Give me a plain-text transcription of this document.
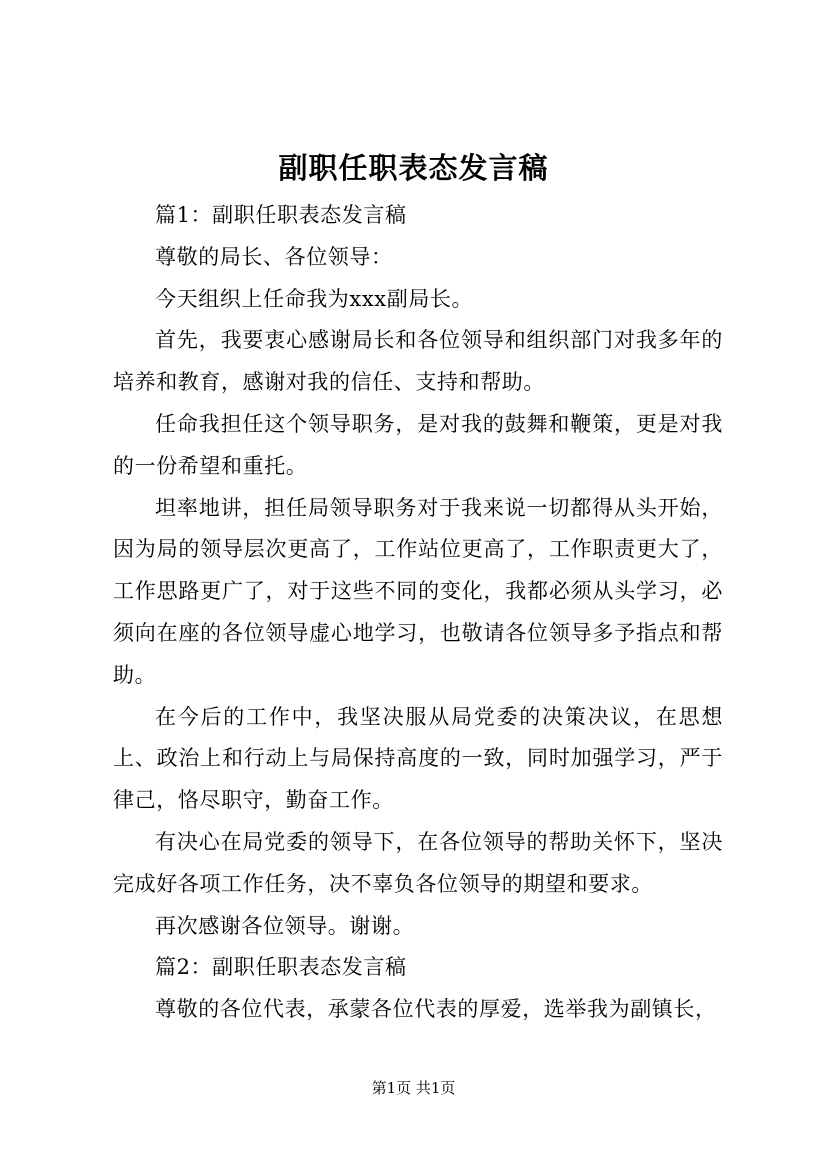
副职任职表态发言稿

篇1：副职任职表态发言稿

尊敬的局长、各位领导：

今天组织上任命我为xxx副局长。

首先，我要衷心感谢局长和各位领导和组织部门对我多年的培养和教育，感谢对我的信任、支持和帮助。

任命我担任这个领导职务，是对我的鼓舞和鞭策，更是对我的一份希望和重托。

坦率地讲，担任局领导职务对于我来说一切都得从头开始，因为局的领导层次更高了，工作站位更高了，工作职责更大了，工作思路更广了，对于这些不同的变化，我都必须从头学习，必须向在座的各位领导虚心地学习，也敬请各位领导多予指点和帮助。

在今后的工作中，我坚决服从局党委的决策决议，在思想上、政治上和行动上与局保持高度的一致，同时加强学习，严于律己，恪尽职守，勤奋工作。

有决心在局党委的领导下，在各位领导的帮助关怀下，坚决完成好各项工作任务，决不辜负各位领导的期望和要求。

再次感谢各位领导。谢谢。

篇2：副职任职表态发言稿

尊敬的各位代表，承蒙各位代表的厚爱，选举我为副镇长，

第1页 共1页
